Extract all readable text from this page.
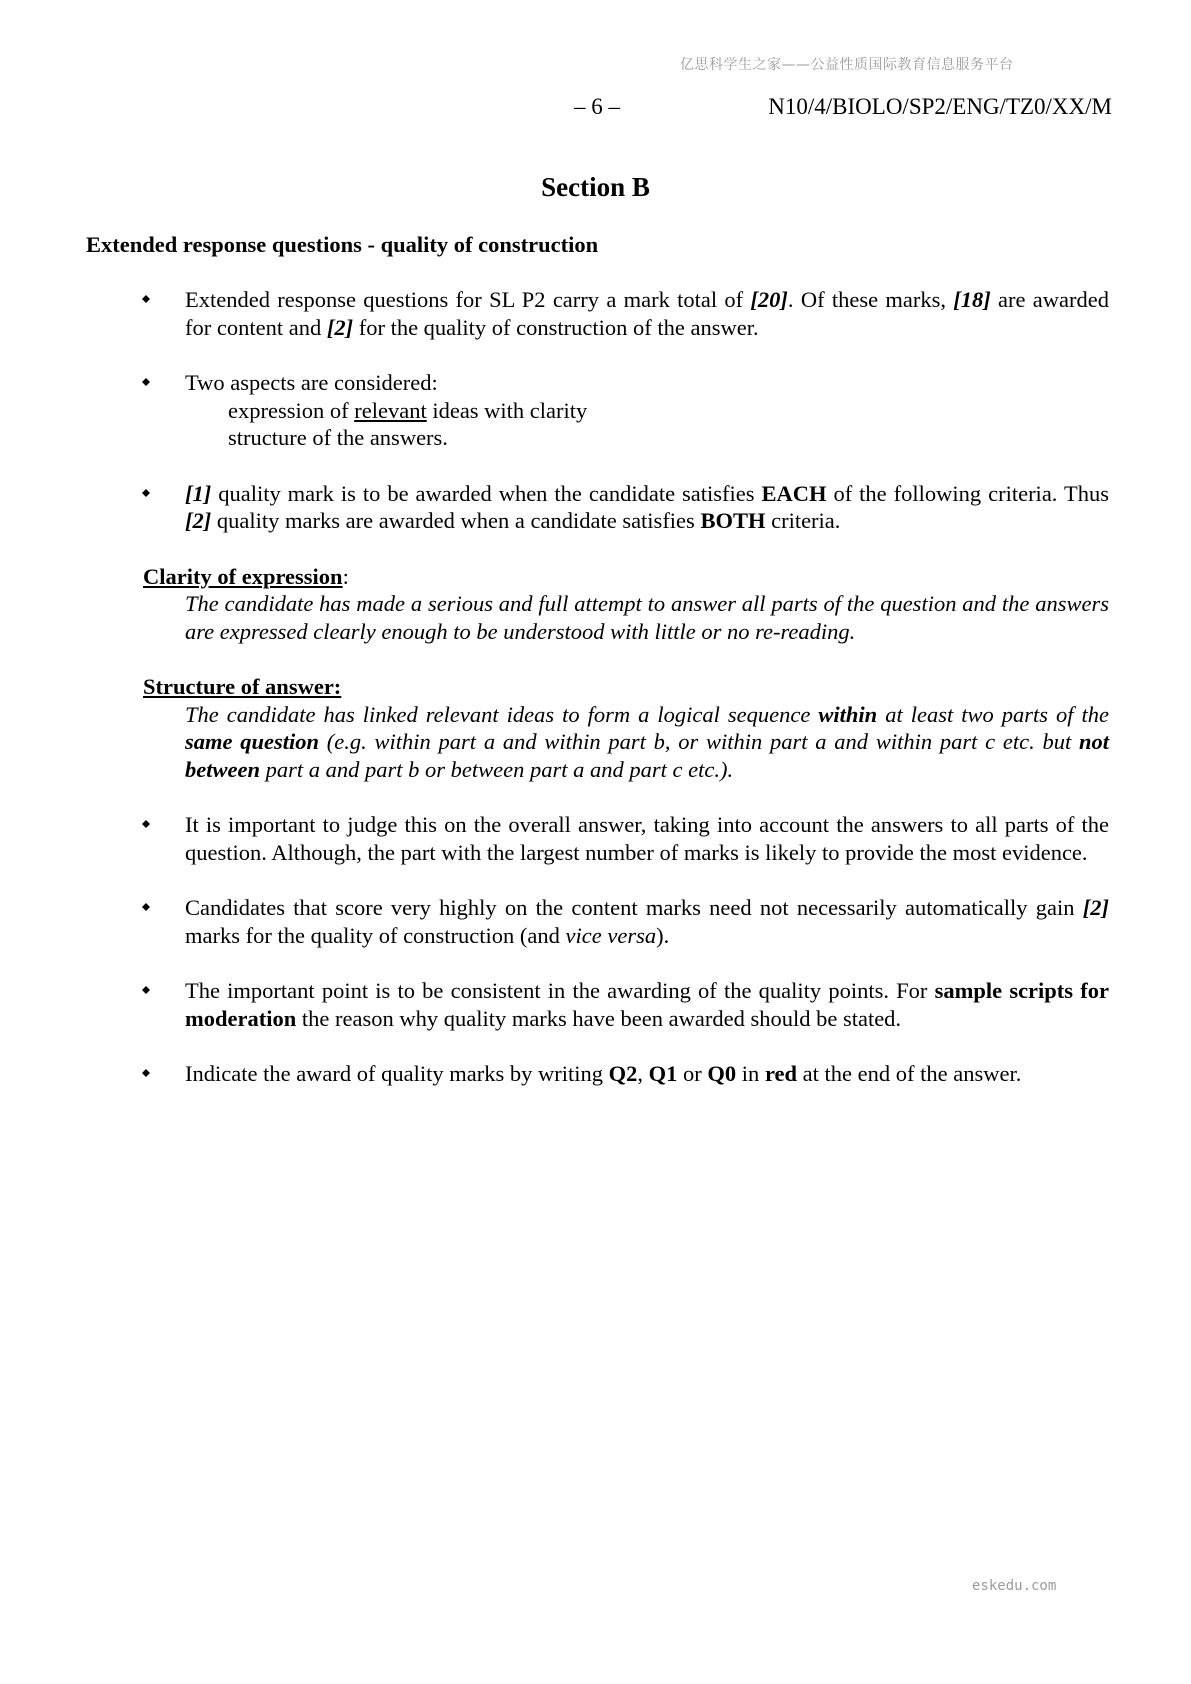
亿思科学生之家——公益性质国际教育信息服务平台
– 6 –	N10/4/BIOLO/SP2/ENG/TZ0/XX/M
Section B
Extended response questions - quality of construction
Extended response questions for SL P2 carry a mark total of [20]. Of these marks, [18] are awarded for content and [2] for the quality of construction of the answer.
Two aspects are considered:
expression of relevant ideas with clarity
structure of the answers.
[1] quality mark is to be awarded when the candidate satisfies EACH of the following criteria. Thus [2] quality marks are awarded when a candidate satisfies BOTH criteria.
Clarity of expression:
The candidate has made a serious and full attempt to answer all parts of the question and the answers are expressed clearly enough to be understood with little or no re-reading.
Structure of answer:
The candidate has linked relevant ideas to form a logical sequence within at least two parts of the same question (e.g. within part a and within part b, or within part a and within part c etc. but not between part a and part b or between part a and part c etc.).
It is important to judge this on the overall answer, taking into account the answers to all parts of the question. Although, the part with the largest number of marks is likely to provide the most evidence.
Candidates that score very highly on the content marks need not necessarily automatically gain [2] marks for the quality of construction (and vice versa).
The important point is to be consistent in the awarding of the quality points. For sample scripts for moderation the reason why quality marks have been awarded should be stated.
Indicate the award of quality marks by writing Q2, Q1 or Q0 in red at the end of the answer.
eskedu.com
